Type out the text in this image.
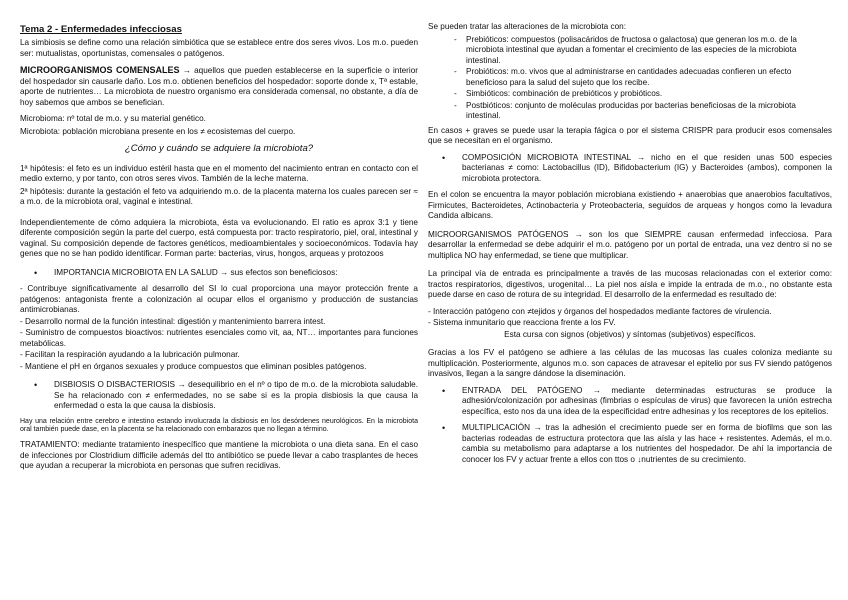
Tema 2 - Enfermedades infecciosas

La simbiosis se define como una relación simbiótica que se establece entre dos seres vivos. Los m.o. pueden ser: mutualistas, oportunistas, comensales o patógenos.

MICROORGANISMOS COMENSALES → aquellos que pueden establecerse en la superficie o interior del hospedador sin causarle daño. Los m.o. obtienen beneficios del hospedador: soporte donde x, Tª estable, aporte de nutrientes… La microbiota de nuestro organismo era considerada comensal, no obstante, a día de hoy sabemos que ambos se benefician.

Microbioma: nº total de m.o. y su material genético.

Microbiota: población microbiana presente en los ≠ ecosistemas del cuerpo.

¿Cómo y cuándo se adquiere la microbiota?

1ª hipótesis: el feto es un individuo estéril hasta que en el momento del nacimiento entran en contacto con el medio externo, y por tanto, con otros seres vivos. También de la leche materna.

2ª hipótesis: durante la gestación el feto va adquiriendo m.o. de la placenta materna los cuales parecen ser ≈ a m.o. de la microbiota oral, vaginal e intestinal.

Independientemente de cómo adquiera la microbiota, ésta va evolucionando. El ratio es aprox 3:1 y tiene diferente composición según la parte del cuerpo, está compuesta por: tracto respiratorio, piel, oral, intestinal y vaginal. Su composición depende de factores genéticos, medioambientales y socioeconómicos. Todavía hay genes que no se han podido identificar. Forman parte: bacterias, virus, hongos, arqueas y protozoos

• IMPORTANCIA MICROBIOTA EN LA SALUD → sus efectos son beneficiosos:

- Contribuye significativamente al desarrollo del SI lo cual proporciona una mayor protección frente a patógenos: antagonista frente a colonización al ocupar ellos el organismo y producción de sustancias antimicrobianas.

- Desarrollo normal de la función intestinal: digestión y mantenimiento barrera intest.

- Suministro de compuestos bioactivos: nutrientes esenciales como vit, aa, NT… importantes para funciones metabólicas.

- Facilitan la respiración ayudando a la lubricación pulmonar.

- Mantiene el pH en órganos sexuales y produce compuestos que eliminan posibles patógenos.

• DISBIOSIS O DISBACTERIOSIS → desequilibrio en el nº o tipo de m.o. de la microbiota saludable. Se ha relacionado con ≠ enfermedades, no se sabe si es la propia disbiosis la que causa la enfermedad o esta la que causa la disbiosis.

Hay una relación entre cerebro e intestino estando involucrada la disbiosis en los desórdenes neurológicos. En la microbiota oral también puede dase, en la placenta se ha relacionado con embarazos que no llegan a término.

TRATAMIENTO: mediante tratamiento inespecífico que mantiene la microbiota o una dieta sana. En el caso de infecciones por Clostridium difficile además del tto antibiótico se puede llevar a cabo trasplantes de heces que ayudan a recuperar la microbiota en personas que sufren recidivas.

Se pueden tratar las alteraciones de la microbiota con:

- Prebióticos: compuestos (polisacáridos de fructosa o galactosa) que generan los m.o. de la microbiota intestinal que ayudan a fomentar el crecimiento de las especies de la microbiota intestinal.
- Probióticos: m.o. vivos que al administrarse en cantidades adecuadas confieren un efecto beneficioso para la salud del sujeto que los recibe.
- Simbióticos: combinación de prebióticos y probióticos.
- Postbióticos: conjunto de moléculas producidas por bacterias beneficiosas de la microbiota intestinal.

En casos + graves se puede usar la terapia fágica o por el sistema CRISPR para producir esos comensales que se necesitan en el organismo.

• COMPOSICIÓN MICROBIOTA INTESTINAL → nicho en el que residen unas 500 especies bacterianas ≠ como: Lactobacillus (ID), Bifidobacterium (IG) y Bacteroides (ambos), componen la microbiota protectora.

En el colon se encuentra la mayor población microbiana existiendo + anaerobias que anaerobios facultativos, Firmicutes, Bacteroidetes, Actinobacteria y Proteobacteria, seguidos de arqueas y hongos como la levadura Candida albicans.

MICROORGANISMOS PATÓGENOS → son los que SIEMPRE causan enfermedad infecciosa. Para desarrollar la enfermedad se debe adquirir el m.o. patógeno por un portal de entrada, una vez dentro si no se multiplica NO hay enfermedad, se tiene que multiplicar.

La principal vía de entrada es principalmente a través de las mucosas relacionadas con el exterior como: tractos respiratorios, digestivos, urogenital… La piel nos aísla e impide la entrada de m.o., no obstante esta puede darse en caso de rotura de su integridad. El desarrollo de la enfermedad es resultado de:

- Interacción patógeno con ≠tejidos y órganos del hospedados mediante factores de virulencia.

- Sistema inmunitario que reacciona frente a los FV.

Esta cursa con signos (objetivos) y síntomas (subjetivos) específicos.

Gracias a los FV el patógeno se adhiere a las células de las mucosas las cuales coloniza mediante su multiplicación. Posteriormente, algunos m.o. son capaces de atravesar el epitelio por sus FV siendo patógenos invasivos, llegan a la sangre dándose la diseminación.

• ENTRADA DEL PATÓGENO → mediante determinadas estructuras se produce la adhesión/colonización por adhesinas (fimbrias o espículas de virus) que favorecen la unión estrecha específica, esto nos da una idea de la especificidad entre adhesinas y los receptores de los epitelios.

• MULTIPLICACIÓN → tras la adhesión el crecimiento puede ser en forma de biofilms que son las bacterias rodeadas de estructura protectora que las aísla y las hace + resistentes. Además, el m.o. cambia su metabolismo para adaptarse a los nutrientes del hospedador. De ahí la importancia de conocer los FV y actuar frente a ellos con ttos o ↓nutrientes de su crecimiento.
